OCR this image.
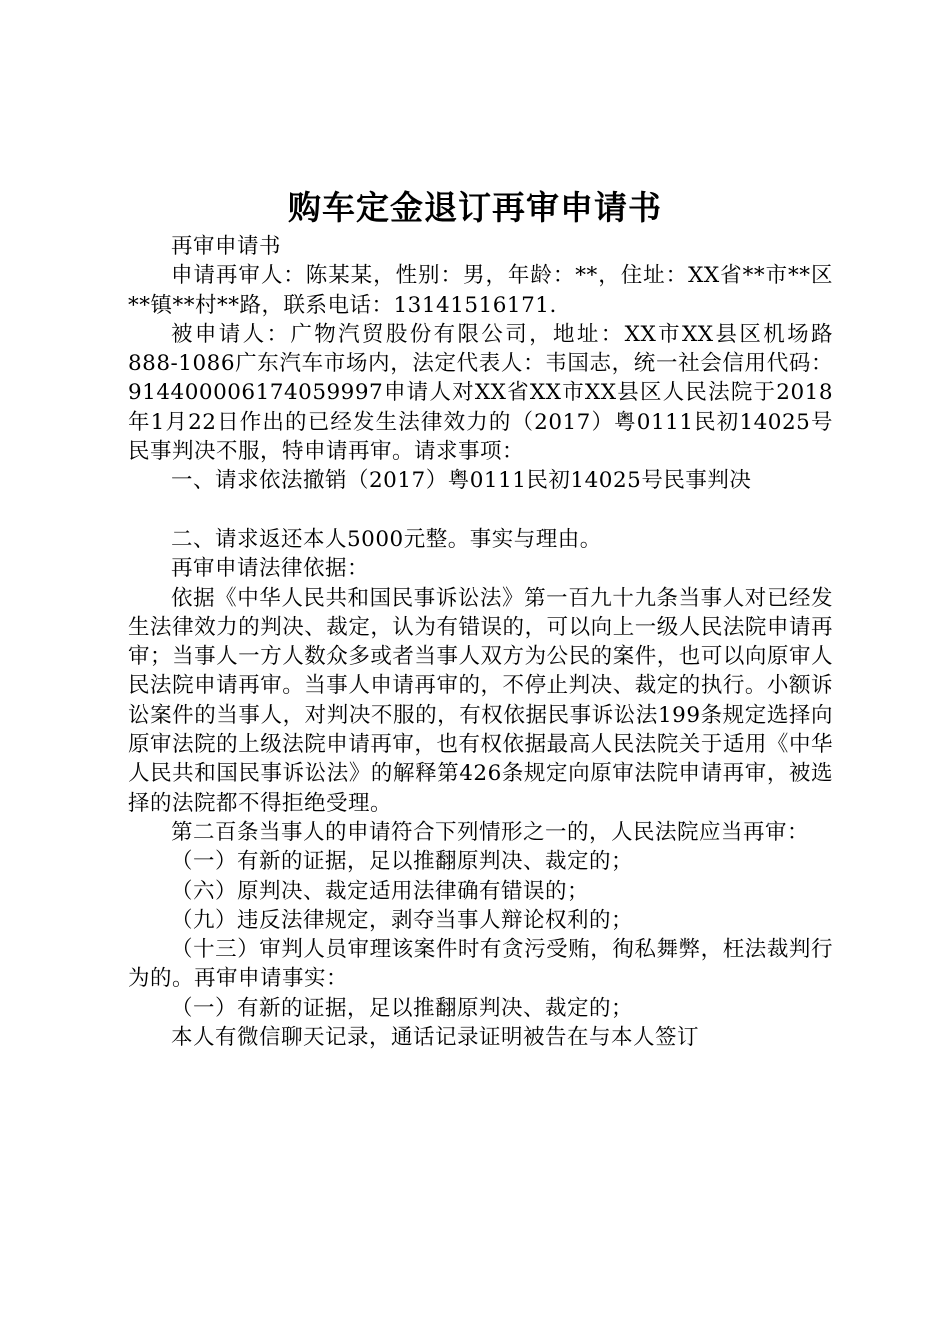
购车定金退订再审申请书

再审申请书

申请再审人：陈某某，性别：男，年龄：**，住址：XX省**市**区**镇**村**路，联系电话：13141516171.

被申请人：广物汽贸股份有限公司，地址：XX市XX县区机场路888-1086广东汽车市场内，法定代表人：韦国志，统一社会信用代码：914400006174059997申请人对XX省XX市XX县区人民法院于2018年1月22日作出的已经发生法律效力的（2017）粤0111民初14025号民事判决不服，特申请再审。请求事项：

一、请求依法撤销（2017）粤0111民初14025号民事判决

二、请求返还本人5000元整。事实与理由。

再审申请法律依据：

依据《中华人民共和国民事诉讼法》第一百九十九条当事人对已经发生法律效力的判决、裁定，认为有错误的，可以向上一级人民法院申请再审；当事人一方人数众多或者当事人双方为公民的案件，也可以向原审人民法院申请再审。当事人申请再审的，不停止判决、裁定的执行。小额诉讼案件的当事人，对判决不服的，有权依据民事诉讼法199条规定选择向原审法院的上级法院申请再审，也有权依据最高人民法院关于适用《中华人民共和国民事诉讼法》的解释第426条规定向原审法院申请再审，被选择的法院都不得拒绝受理。

第二百条当事人的申请符合下列情形之一的，人民法院应当再审：

（一）有新的证据，足以推翻原判决、裁定的；

（六）原判决、裁定适用法律确有错误的；

（九）违反法律规定，剥夺当事人辩论权利的；

（十三）审判人员审理该案件时有贪污受贿，徇私舞弊，枉法裁判行为的。再审申请事实：

（一）有新的证据，足以推翻原判决、裁定的；

本人有微信聊天记录，通话记录证明被告在与本人签订
